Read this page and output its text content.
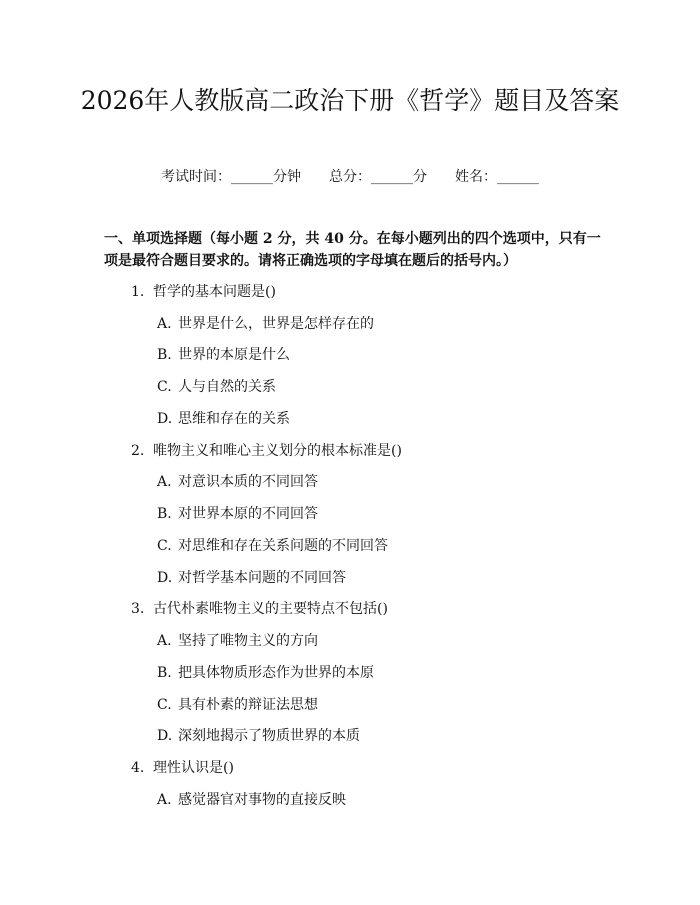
2026年人教版高二政治下册《哲学》题目及答案
考试时间：______分钟 总分：______分 姓名：______

一、单项选择题（每小题 2 分，共 40 分。在每小题列出的四个选项中，只有一项是最符合题目要求的。请将正确选项的字母填在题后的括号内。）

1. 哲学的基本问题是()
A. 世界是什么，世界是怎样存在的
B. 世界的本原是什么
C. 人与自然的关系
D. 思维和存在的关系
2. 唯物主义和唯心主义划分的根本标准是()
A. 对意识本质的不同回答
B. 对世界本原的不同回答
C. 对思维和存在关系问题的不同回答
D. 对哲学基本问题的不同回答
3. 古代朴素唯物主义的主要特点不包括()
A. 坚持了唯物主义的方向
B. 把具体物质形态作为世界的本原
C. 具有朴素的辩证法思想
D. 深刻地揭示了物质世界的本质
4. 理性认识是()
A. 感觉器官对事物的直接反映
